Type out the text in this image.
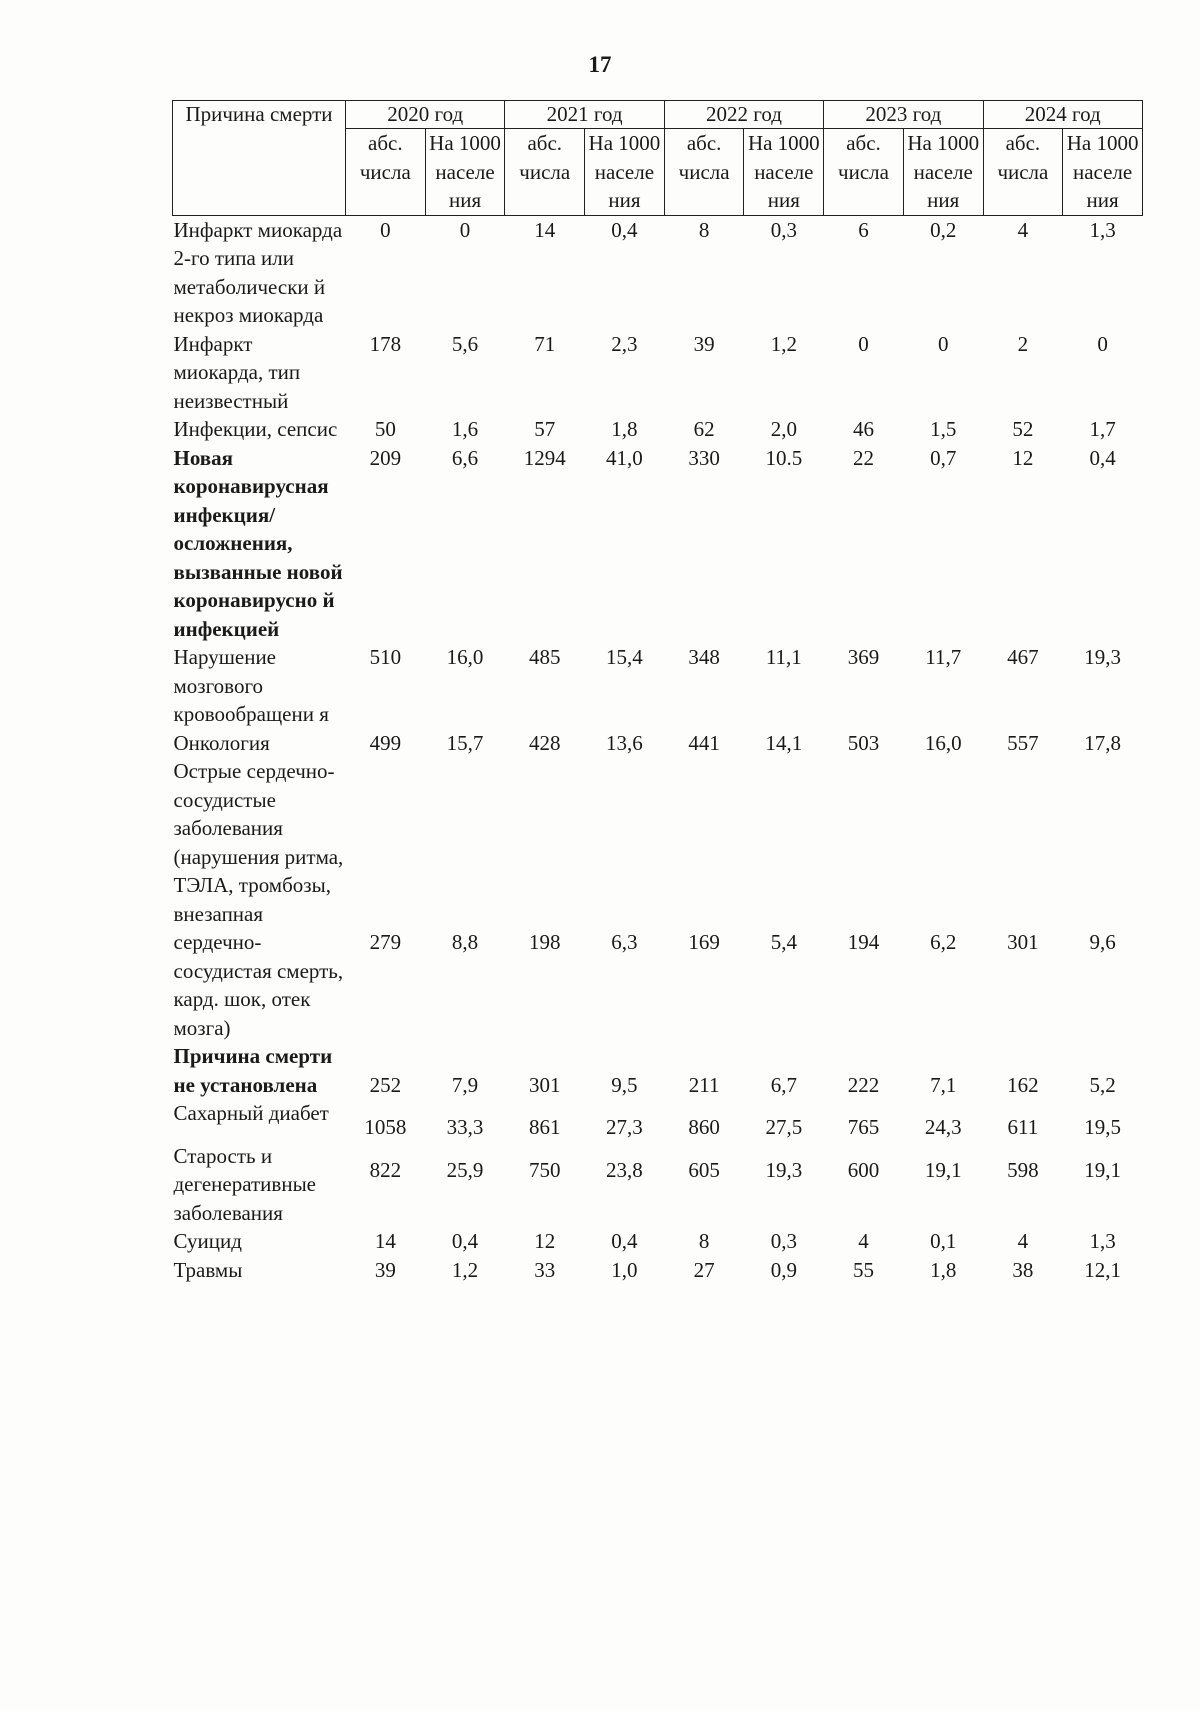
17
Причина смерти	2020 год		2021 год		2022 год		2023 год		2024 год	
	абс. числа	На 1000 населе ния	абс. числа	На 1000 населе ния	абс. числа	На 1000 населе ния	абс. числа	На 1000 населе ния	абс. числа	На 1000 населе ния
Инфаркт миокарда 2-го типа или метаболически й некроз миокарда	0	0	14	0,4	8	0,3	6	0,2	4	1,3
Инфаркт миокарда, тип неизвестный	178	5,6	71	2,3	39	1,2	0	0	2	0
Инфекции, сепсис	50	1,6	57	1,8	62	2,0	46	1,5	52	1,7
Новая коронавирусная инфекция/ осложнения, вызванные новой коронавирусно й инфекцией	209	6,6	1294	41,0	330	10.5	22	0,7	12	0,4
Нарушение мозгового кровообращени я	510	16,0	485	15,4	348	11,1	369	11,7	467	19,3
Онкология	499	15,7	428	13,6	441	14,1	503	16,0	557	17,8
Острые сердечно-сосудистые заболевания (нарушения ритма, ТЭЛА, тромбозы, внезапная сердечно-сосудистая смерть, кард. шок, отек мозга)	279	8,8	198	6,3	169	5,4	194	6,2	301	9,6
Причина смерти не установлена	252	7,9	301	9,5	211	6,7	222	7,1	162	5,2
Сахарный диабет	1058	33,3	861	27,3	860	27,5	765	24,3	611	19,5
Старость и дегенеративные заболевания	822	25,9	750	23,8	605	19,3	600	19,1	598	19,1
Суицид	14	0,4	12	0,4	8	0,3	4	0,1	4	1,3
Травмы	39	1,2	33	1,0	27	0,9	55	1,8	38	12,1
